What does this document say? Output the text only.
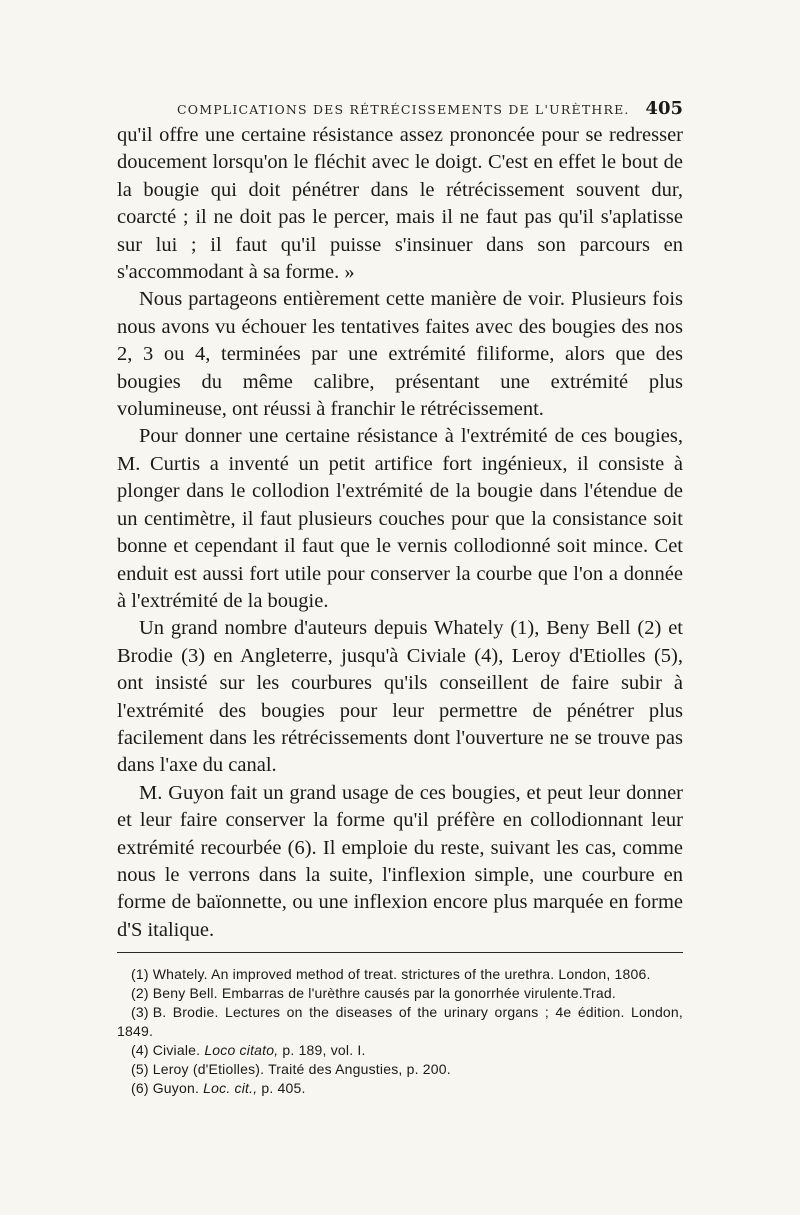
COMPLICATIONS DES RÉTRÉCISSEMENTS DE L'URÈTHRE. 405

qu'il offre une certaine résistance assez prononcée pour se redresser doucement lorsqu'on le fléchit avec le doigt. C'est en effet le bout de la bougie qui doit pénétrer dans le rétrécissement souvent dur, coarcté ; il ne doit pas le percer, mais il ne faut pas qu'il s'aplatisse sur lui ; il faut qu'il puisse s'insinuer dans son parcours en s'accommodant à sa forme. »

Nous partageons entièrement cette manière de voir. Plusieurs fois nous avons vu échouer les tentatives faites avec des bougies des nos 2, 3 ou 4, terminées par une extrémité filiforme, alors que des bougies du même calibre, présentant une extrémité plus volumineuse, ont réussi à franchir le rétrécissement.

Pour donner une certaine résistance à l'extrémité de ces bougies, M. Curtis a inventé un petit artifice fort ingénieux, il consiste à plonger dans le collodion l'extrémité de la bougie dans l'étendue de un centimètre, il faut plusieurs couches pour que la consistance soit bonne et cependant il faut que le vernis collodionné soit mince. Cet enduit est aussi fort utile pour conserver la courbe que l'on a donnée à l'extrémité de la bougie.

Un grand nombre d'auteurs depuis Whately (1), Beny Bell (2) et Brodie (3) en Angleterre, jusqu'à Civiale (4), Leroy d'Etiolles (5), ont insisté sur les courbures qu'ils conseillent de faire subir à l'extrémité des bougies pour leur permettre de pénétrer plus facilement dans les rétrécissements dont l'ouverture ne se trouve pas dans l'axe du canal.

M. Guyon fait un grand usage de ces bougies, et peut leur donner et leur faire conserver la forme qu'il préfère en collodionnant leur extrémité recourbée (6). Il emploie du reste, suivant les cas, comme nous le verrons dans la suite, l'inflexion simple, une courbure en forme de baïonnette, ou une inflexion encore plus marquée en forme d'S italique.

(1) Whately. An improved method of treat. strictures of the urethra. London, 1806.

(2) Beny Bell. Embarras de l'urèthre causés par la gonorrhée virulente.Trad.

(3) B. Brodie. Lectures on the diseases of the urinary organs ; 4e édition. London, 1849.

(4) Civiale. Loco citato, p. 189, vol. I.

(5) Leroy (d'Etiolles). Traité des Angusties, p. 200.

(6) Guyon. Loc. cit., p. 405.
